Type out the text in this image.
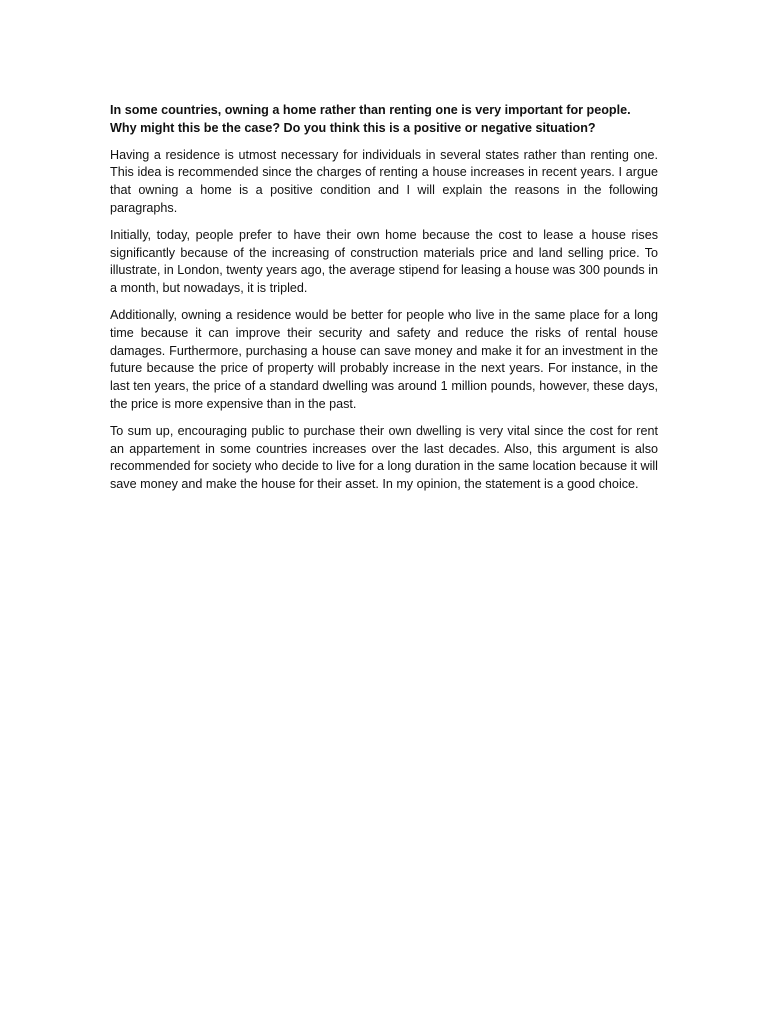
In some countries, owning a home rather than renting one is very important for people. Why might this be the case? Do you think this is a positive or negative situation?

Having a residence is utmost necessary for individuals in several states rather than renting one. This idea is recommended since the charges of renting a house increases in recent years. I argue that owning a home is a positive condition and I will explain the reasons in the following paragraphs.

Initially, today, people prefer to have their own home because the cost to lease a house rises significantly because of the increasing of construction materials price and land selling price. To illustrate, in London, twenty years ago, the average stipend for leasing a house was 300 pounds in a month, but nowadays, it is tripled.

Additionally, owning a residence would be better for people who live in the same place for a long time because it can improve their security and safety and reduce the risks of rental house damages. Furthermore, purchasing a house can save money and make it for an investment in the future because the price of property will probably increase in the next years. For instance, in the last ten years, the price of a standard dwelling was around 1 million pounds, however, these days, the price is more expensive than in the past.

To sum up, encouraging public to purchase their own dwelling is very vital since the cost for rent an appartement in some countries increases over the last decades. Also, this argument is also recommended for society who decide to live for a long duration in the same location because it will save money and make the house for their asset. In my opinion, the statement is a good choice.
